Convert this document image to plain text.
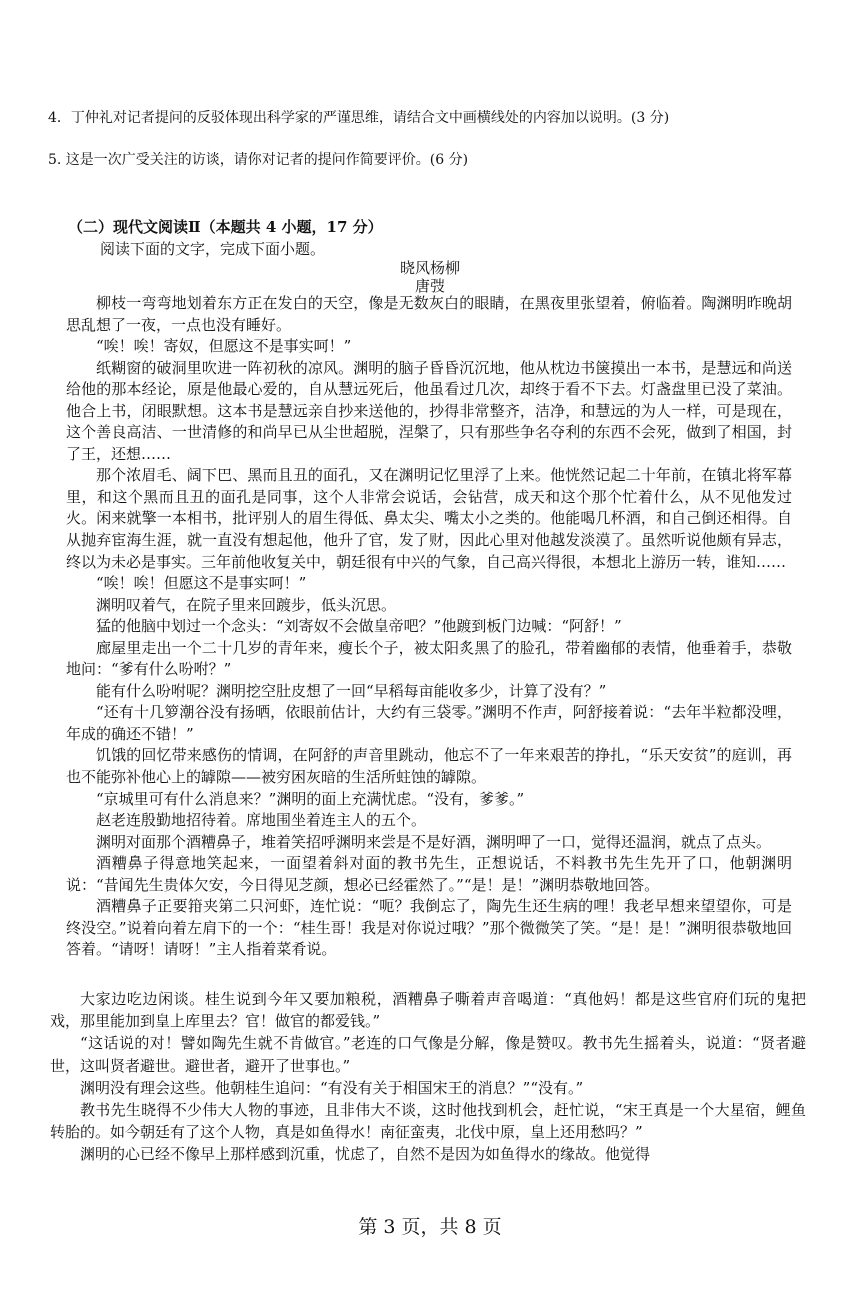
4．丁仲礼对记者提问的反驳体现出科学家的严谨思维，请结合文中画横线处的内容加以说明。(3 分)
5. 这是一次广受关注的访谈，请你对记者的提问作简要评价。(6 分)
（二）现代文阅读Ⅱ（本题共 4 小题，17 分）
阅读下面的文字，完成下面小题。
晓风杨柳
唐弢

柳枝一弯弯地划着东方正在发白的天空，像是无数灰白的眼睛，在黑夜里张望着，俯临着。陶渊明昨晚胡思乱想了一夜，一点也没有睡好。

“唉！唉！寄奴，但愿这不是事实呵！”

纸糊窗的破洞里吹进一阵初秋的凉风。渊明的脑子昏昏沉沉地，他从枕边书箧摸出一本书，是慧远和尚送给他的那本经论，原是他最心爱的，自从慧远死后，他虽看过几次，却终于看不下去。灯盏盘里已没了菜油。他合上书，闭眼默想。这本书是慧远亲自抄来送他的，抄得非常整齐，洁净，和慧远的为人一样，可是现在，这个善良高洁、一世清修的和尚早已从尘世超脱，涅槃了，只有那些争名夺利的东西不会死，做到了相国，封了王，还想……

那个浓眉毛、阔下巴、黑而且丑的面孔，又在渊明记忆里浮了上来。他恍然记起二十年前，在镇北将军幕里，和这个黑而且丑的面孔是同事，这个人非常会说话，会钻营，成天和这个那个忙着什么，从不见他发过火。闲来就擎一本相书，批评别人的眉生得低、鼻太尖、嘴太小之类的。他能喝几杯酒，和自己倒还相得。自从抛弃宦海生涯，就一直没有想起他，他升了官，发了财，因此心里对他越发淡漠了。虽然听说他颇有异志，终以为未必是事实。三年前他收复关中，朝廷很有中兴的气象，自己高兴得很，本想北上游历一转，谁知……

“唉！唉！但愿这不是事实呵！”

渊明叹着气，在院子里来回踱步，低头沉思。

猛的他脑中划过一个念头：“刘寄奴不会做皇帝吧？”他踱到板门边喊：“阿舒！”

廊屋里走出一个二十几岁的青年来，瘦长个子，被太阳炙黑了的脸孔，带着幽郁的表情，他垂着手，恭敬地问：“爹有什么吩咐？”

能有什么吩咐呢？渊明挖空肚皮想了一回“早稻每亩能收多少，计算了没有？”

“还有十几箩潮谷没有扬晒，依眼前估计，大约有三袋零。”渊明不作声，阿舒接着说：“去年半粒都没哩，年成的确还不错！”

饥饿的回忆带来感伤的情调，在阿舒的声音里跳动，他忘不了一年来艰苦的挣扎，“乐天安贫”的庭训，再也不能弥补他心上的罅隙——被穷困灰暗的生活所蛀蚀的罅隙。

“京城里可有什么消息来？”渊明的面上充满忧虑。“没有，爹爹。”

赵老连殷勤地招待着。席地围坐着连主人的五个。

渊明对面那个酒糟鼻子，堆着笑招呼渊明来尝是不是好酒，渊明呷了一口，觉得还温润，就点了点头。

酒糟鼻子得意地笑起来，一面望着斜对面的教书先生，正想说话，不料教书先生先开了口，他朝渊明说：“昔闻先生贵体欠安，今日得见芝颜，想必已经霍然了。”“是！是！”渊明恭敬地回答。

酒糟鼻子正要箝夹第二只河虾，连忙说：“呃？我倒忘了，陶先生还生病的哩！我老早想来望望你，可是终没空。”说着向着左肩下的一个：“桂生哥！我是对你说过哦？”那个微微笑了笑。“是！是！”渊明很恭敬地回答着。“请呀！请呀！”主人指着菜肴说。

大家边吃边闲谈。桂生说到今年又要加粮税，酒糟鼻子嘶着声音喝道：“真他妈！都是这些官府们玩的鬼把戏，那里能加到皇上库里去？官！做官的都爱钱。”

“这话说的对！譬如陶先生就不肯做官。”老连的口气像是分解，像是赞叹。教书先生摇着头，说道：“贤者避世，这叫贤者避世。避世者，避开了世事也。”

渊明没有理会这些。他朝桂生追问：“有没有关于相国宋王的消息？”“没有。”

教书先生晓得不少伟大人物的事迹，且非伟大不谈，这时他找到机会，赶忙说，“宋王真是一个大星宿，鲤鱼转胎的。如今朝廷有了这个人物，真是如鱼得水！南征蛮夷，北伐中原，皇上还用愁吗？”

渊明的心已经不像早上那样感到沉重，忧虑了，自然不是因为如鱼得水的缘故。他觉得

第 3 页，共 8 页
